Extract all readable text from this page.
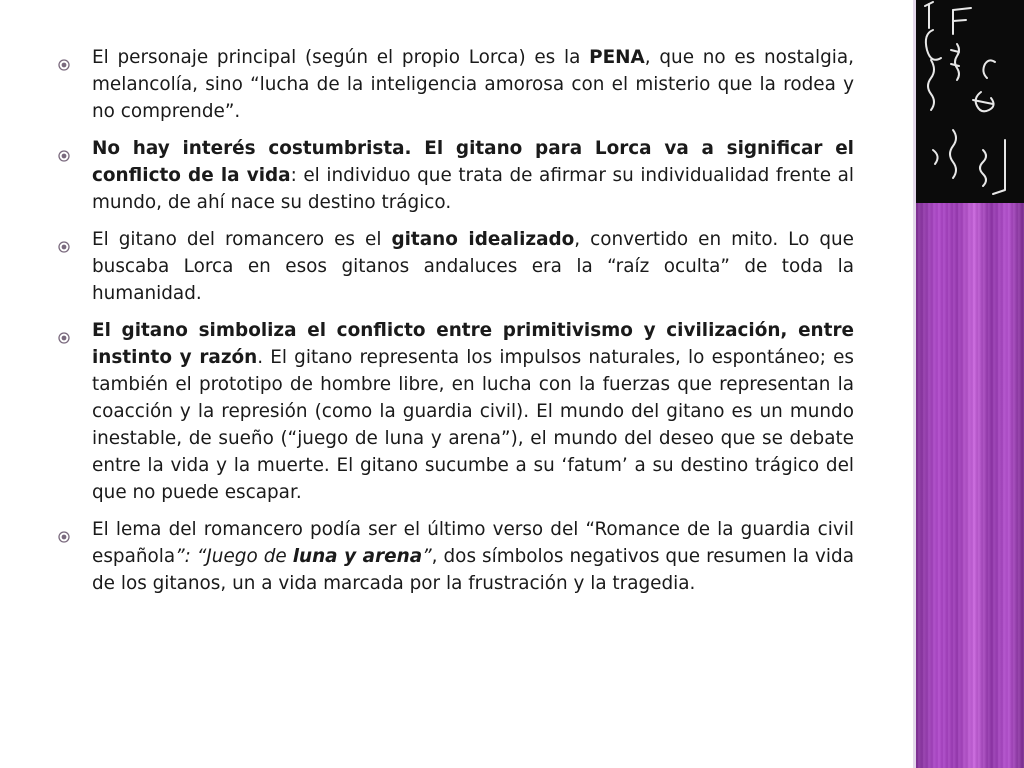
El personaje principal (según el propio Lorca) es la PENA, que no es nostalgia, melancolía, sino “lucha de la inteligencia amorosa con el misterio que la rodea y no comprende”.
No hay interés costumbrista. El gitano para Lorca va a significar el conflicto de la vida: el individuo que trata de afirmar su individualidad frente al mundo, de ahí nace su destino trágico.
El gitano del romancero es el gitano idealizado, convertido en mito. Lo que buscaba Lorca en esos gitanos andaluces era la “raíz oculta” de toda la humanidad.
El gitano simboliza el conflicto entre primitivismo y civilización, entre instinto y razón. El gitano representa los impulsos naturales, lo espontáneo; es también el prototipo de hombre libre, en lucha con la fuerzas que representan la coacción y la represión (como la guardia civil). El mundo del gitano es un mundo inestable, de sueño (“juego de luna y arena”), el mundo del deseo que se debate entre la vida y la muerte. El gitano sucumbe a su ‘fatum’ a su destino trágico del que no puede escapar.
El lema del romancero podía ser el último verso del “Romance de la guardia civil española”: “Juego de luna y arena”, dos símbolos negativos que resumen la vida de los gitanos, un a vida marcada por la frustración y la tragedia.
